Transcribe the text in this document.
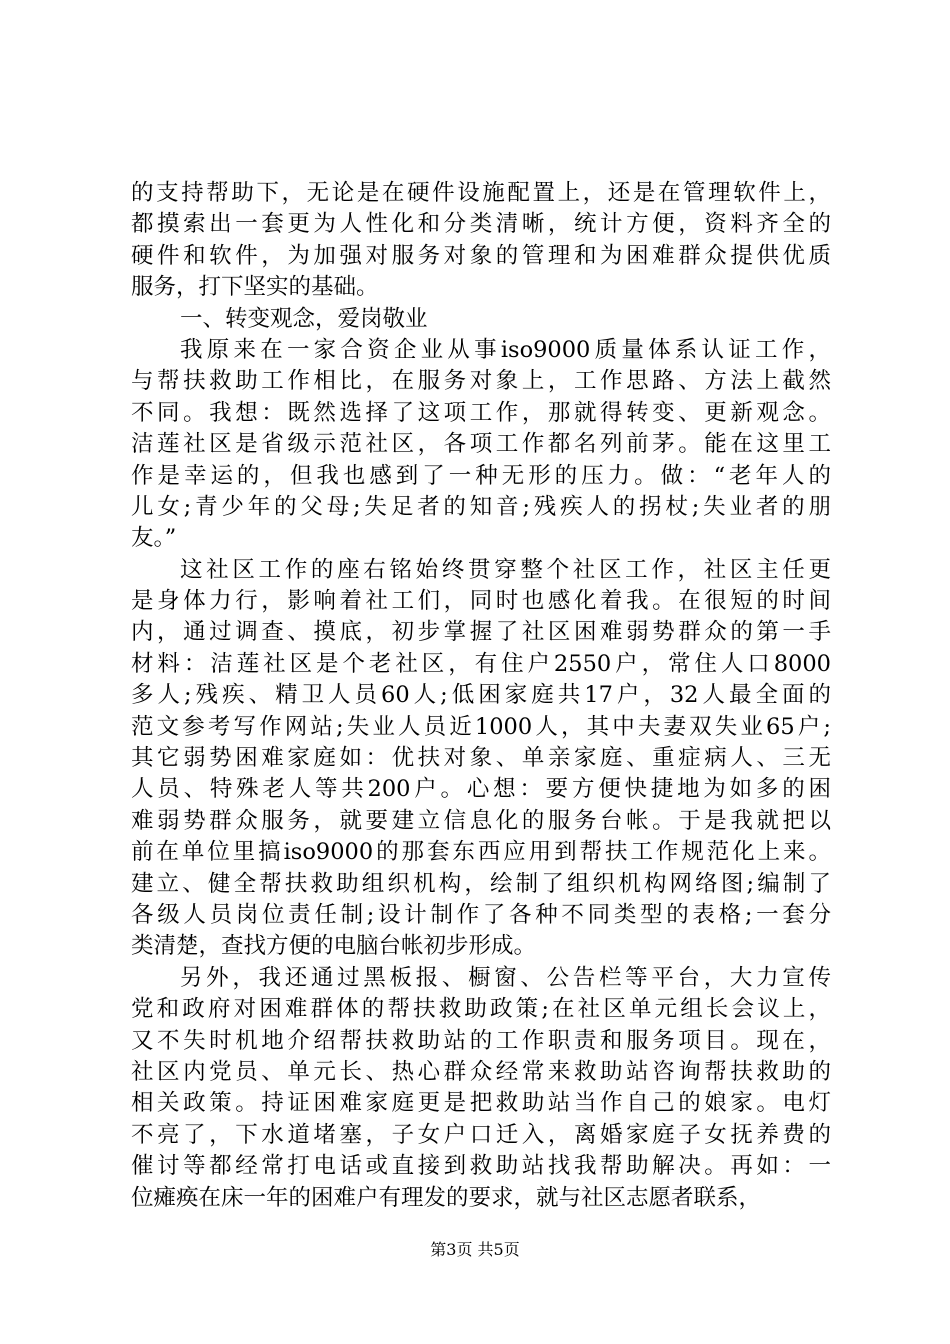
的支持帮助下，无论是在硬件设施配置上，还是在管理软件上，
都摸索出一套更为人性化和分类清晰，统计方便，资料齐全的
硬件和软件，为加强对服务对象的管理和为困难群众提供优质
服务，打下坚实的基础。
一、转变观念，爱岗敬业
我原来在一家合资企业从事iso9000质量体系认证工作，
与帮扶救助工作相比，在服务对象上，工作思路、方法上截然
不同。我想：既然选择了这项工作，那就得转变、更新观念。
洁莲社区是省级示范社区，各项工作都名列前茅。能在这里工
作是幸运的，但我也感到了一种无形的压力。做：“老年人的
儿女;青少年的父母;失足者的知音;残疾人的拐杖;失业者的朋
友。”
这社区工作的座右铭始终贯穿整个社区工作，社区主任更
是身体力行，影响着社工们，同时也感化着我。在很短的时间
内，通过调查、摸底，初步掌握了社区困难弱势群众的第一手
材料：洁莲社区是个老社区，有住户2550户，常住人口8000
多人;残疾、精卫人员60人;低困家庭共17户，32人最全面的
范文参考写作网站;失业人员近1000人，其中夫妻双失业65户;
其它弱势困难家庭如：优扶对象、单亲家庭、重症病人、三无
人员、特殊老人等共200户。心想：要方便快捷地为如多的困
难弱势群众服务，就要建立信息化的服务台帐。于是我就把以
前在单位里搞iso9000的那套东西应用到帮扶工作规范化上来。
建立、健全帮扶救助组织机构，绘制了组织机构网络图;编制了
各级人员岗位责任制;设计制作了各种不同类型的表格;一套分
类清楚，查找方便的电脑台帐初步形成。
另外，我还通过黑板报、橱窗、公告栏等平台，大力宣传
党和政府对困难群体的帮扶救助政策;在社区单元组长会议上，
又不失时机地介绍帮扶救助站的工作职责和服务项目。现在，
社区内党员、单元长、热心群众经常来救助站咨询帮扶救助的
相关政策。持证困难家庭更是把救助站当作自己的娘家。电灯
不亮了，下水道堵塞，子女户口迁入，离婚家庭子女抚养费的
催讨等都经常打电话或直接到救助站找我帮助解决。再如：一
位瘫痪在床一年的困难户有理发的要求，就与社区志愿者联系，
第3页 共5页
